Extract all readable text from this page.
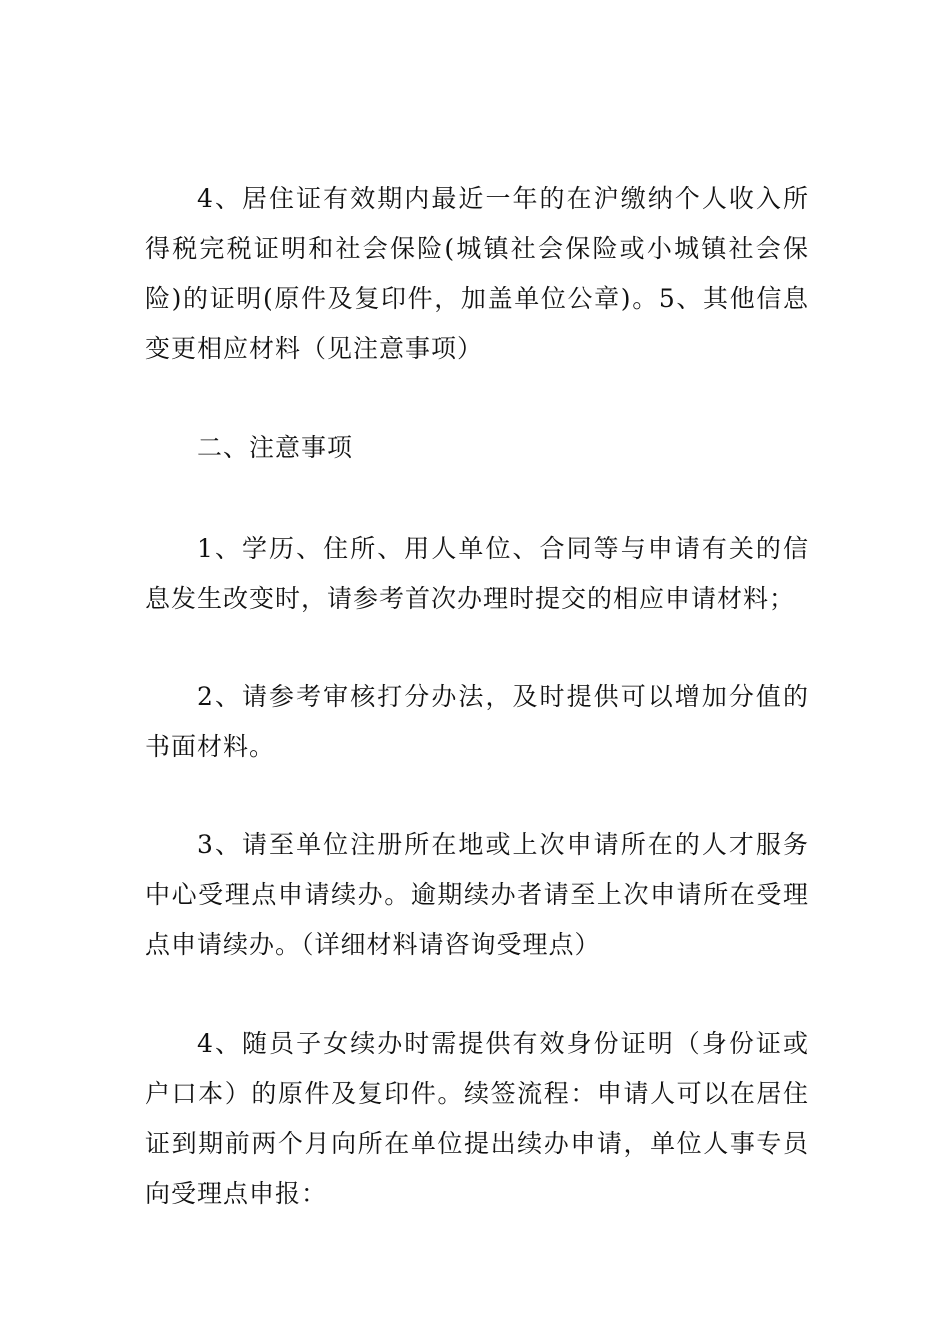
4、居住证有效期内最近一年的在沪缴纳个人收入所得税完税证明和社会保险(城镇社会保险或小城镇社会保险)的证明(原件及复印件，加盖单位公章)。5、其他信息变更相应材料（见注意事项）

二、注意事项

1、学历、住所、用人单位、合同等与申请有关的信息发生改变时，请参考首次办理时提交的相应申请材料；

2、请参考审核打分办法，及时提供可以增加分值的书面材料。

3、请至单位注册所在地或上次申请所在的人才服务中心受理点申请续办。逾期续办者请至上次申请所在受理点申请续办。（详细材料请咨询受理点）

4、随员子女续办时需提供有效身份证明（身份证或户口本）的原件及复印件。续签流程：申请人可以在居住证到期前两个月向所在单位提出续办申请，单位人事专员向受理点申报：
